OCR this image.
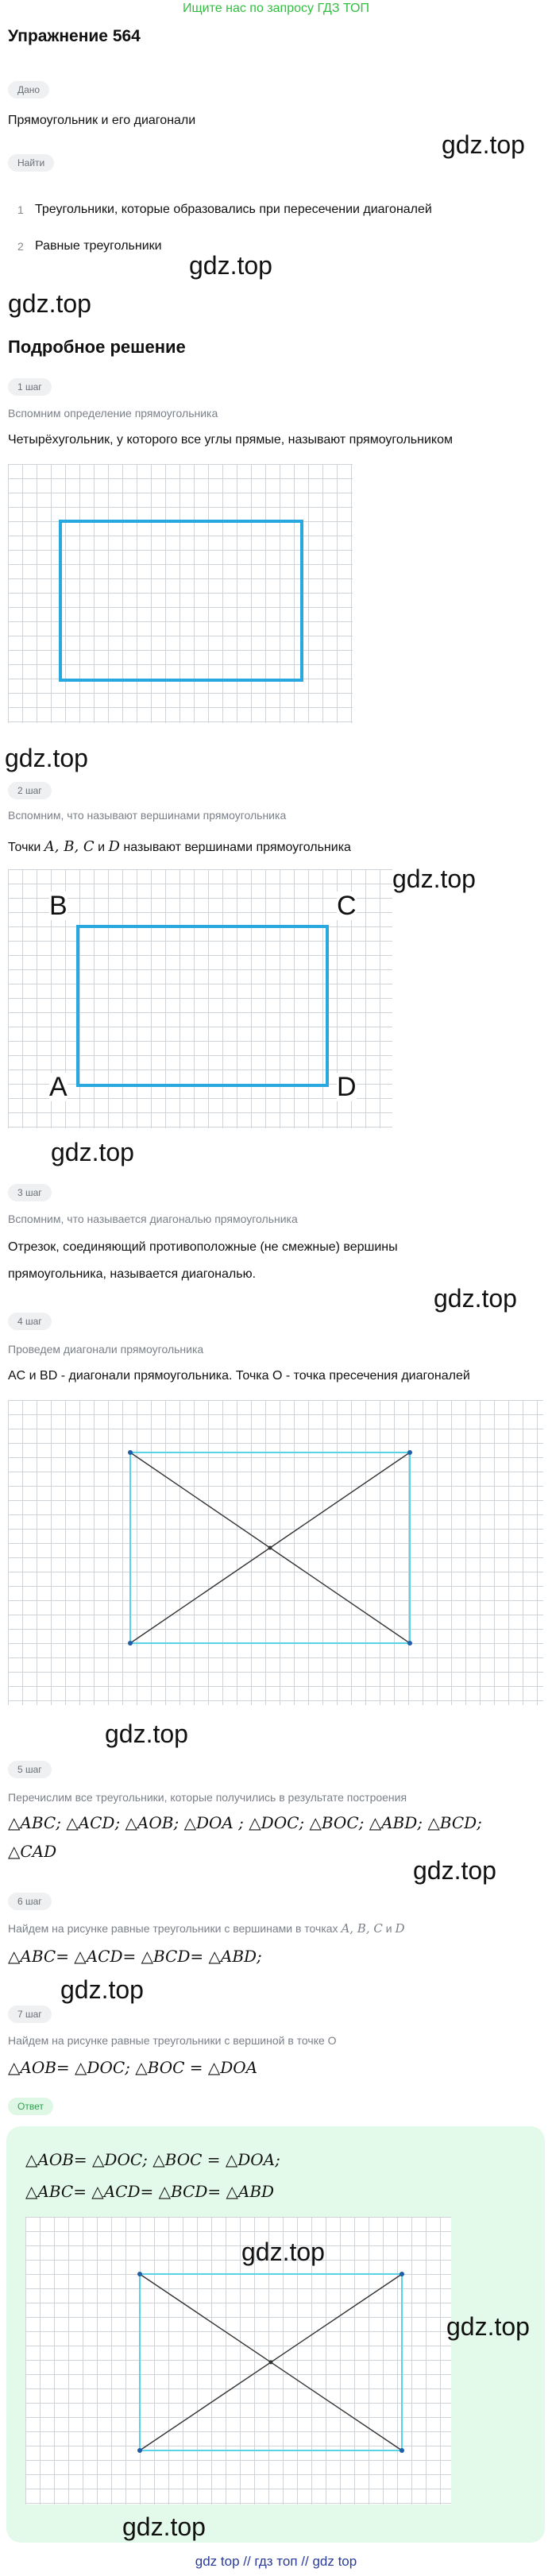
Ищите нас по запросу ГДЗ ТОП
Упражнение 564
Дано
Прямоугольник и его диагонали
gdz.top
Найти
1 Треугольники, которые образовались при пересечении диагоналей
2 Равные треугольники
gdz.top
gdz.top
Подробное решение
1 шаг
Вспомним определение прямоугольника
Четырёхугольник, у которого все углы прямые, называют прямоугольником
gdz.top
2 шаг
Вспомним, что называют вершинами прямоугольника
Точки A, B, C и D называют вершинами прямоугольника
gdz.top
B	C
A	D
gdz.top
3 шаг
Вспомним, что называется диагональю прямоугольника
Отрезок, соединяющий противоположные (не смежные) вершины
прямоугольника, называется диагональю.
gdz.top
4 шаг
Проведем диагонали прямоугольника
AC и BD - диагонали прямоугольника. Точка O - точка пресечения диагоналей
gdz.top
5 шаг
Перечислим все треугольники, которые получились в результате построения
△ABC; △ACD; △AOB; △DOA ; △DOC; △BOC; △ABD; △BCD;
△CAD
gdz.top
6 шаг
Найдем на рисунке равные треугольники с вершинами в точках A, B, C и D
△ABC= △ACD= △BCD= △ABD;
gdz.top
7 шаг
Найдем на рисунке равные треугольники с вершиной в точке O
△AOB= △DOC; △BOC = △DOA
Ответ
△AOB= △DOC; △BOC = △DOA;
△ABC= △ACD= △BCD= △ABD
gdz.top
gdz.top
gdz.top
gdz top // гдз топ // gdz top
